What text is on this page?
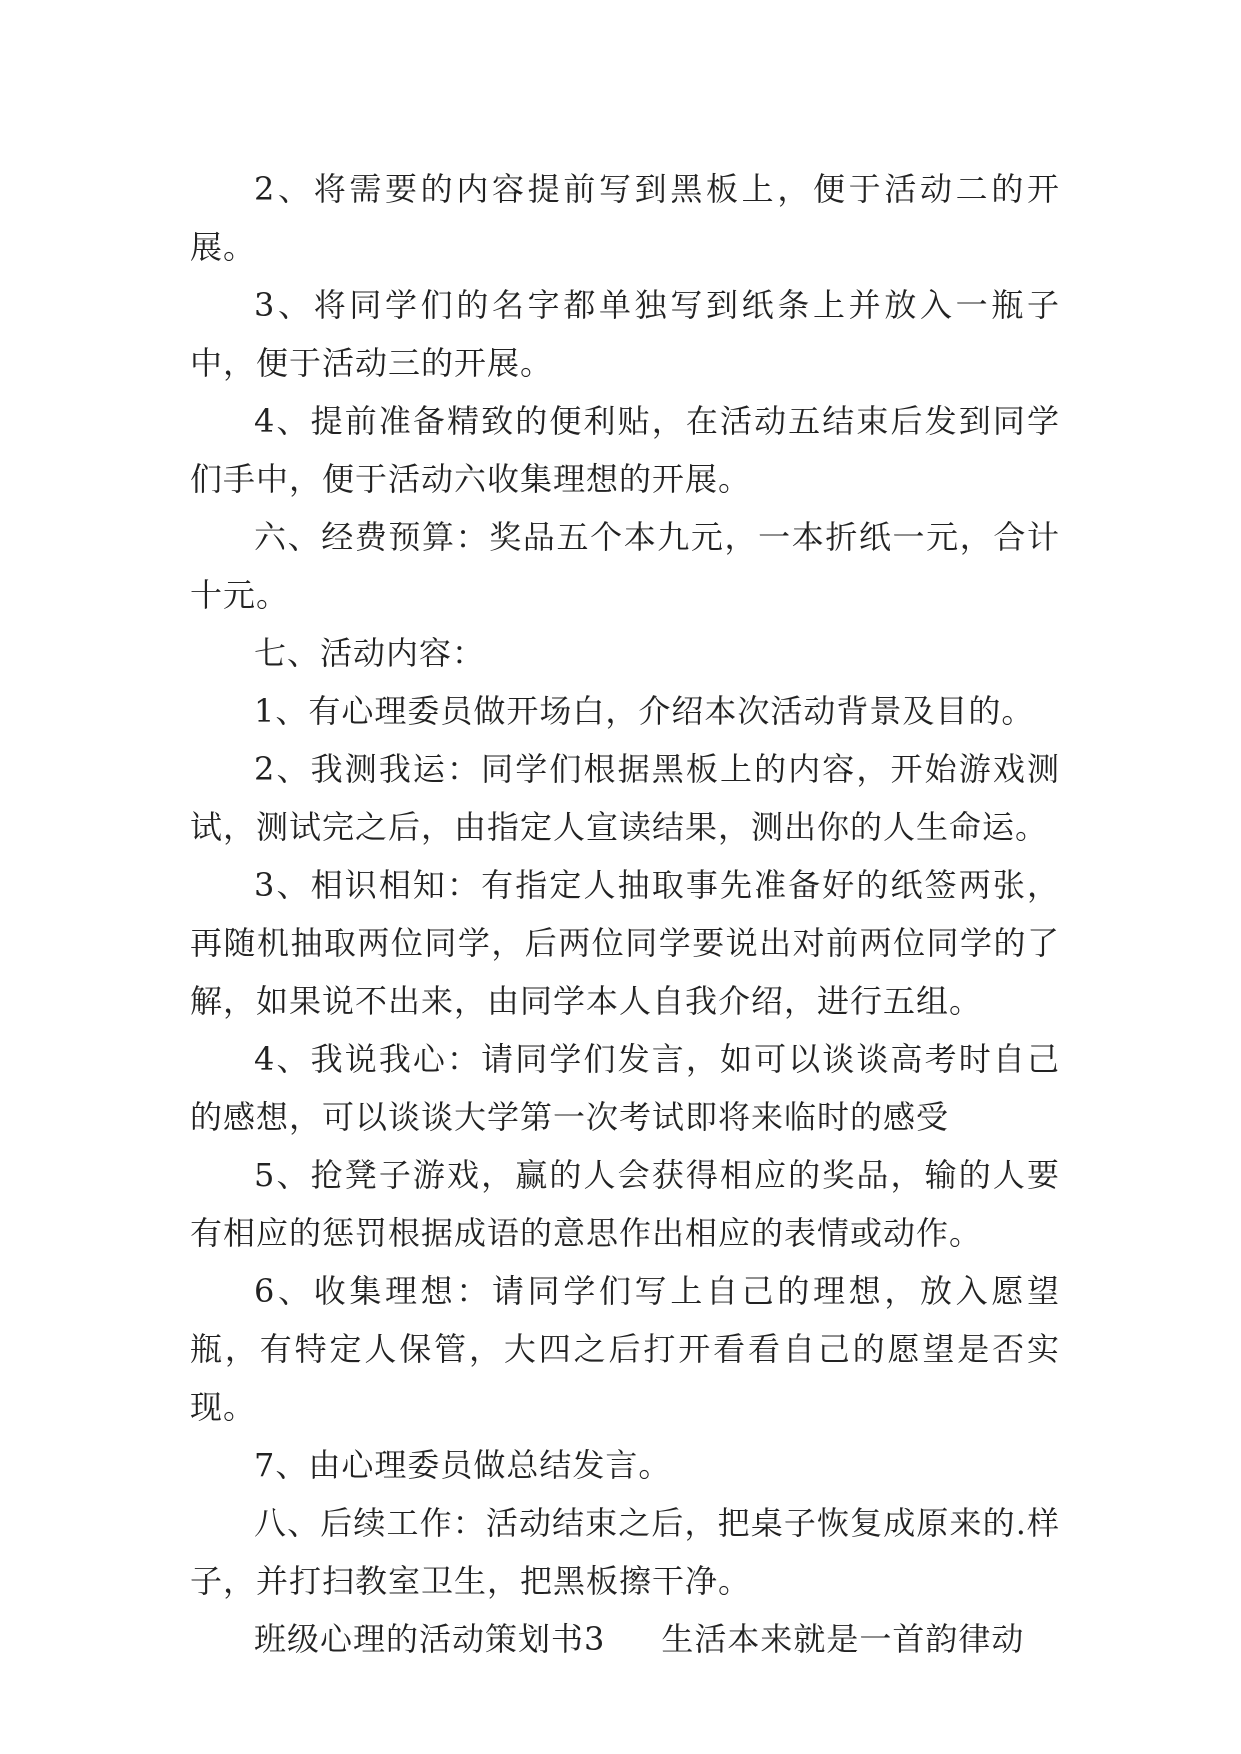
2、将需要的内容提前写到黑板上，便于活动二的开展。

3、将同学们的名字都单独写到纸条上并放入一瓶子中，便于活动三的开展。

4、提前准备精致的便利贴，在活动五结束后发到同学们手中，便于活动六收集理想的开展。

六、经费预算：奖品五个本九元，一本折纸一元，合计十元。

七、活动内容：

1、有心理委员做开场白，介绍本次活动背景及目的。

2、我测我运：同学们根据黑板上的内容，开始游戏测试，测试完之后，由指定人宣读结果，测出你的人生命运。

3、相识相知：有指定人抽取事先准备好的纸签两张，再随机抽取两位同学，后两位同学要说出对前两位同学的了解，如果说不出来，由同学本人自我介绍，进行五组。

4、我说我心：请同学们发言，如可以谈谈高考时自己的感想，可以谈谈大学第一次考试即将来临时的感受

5、抢凳子游戏，赢的人会获得相应的奖品，输的人要有相应的惩罚根据成语的意思作出相应的表情或动作。

6、收集理想：请同学们写上自己的理想，放入愿望瓶，有特定人保管，大四之后打开看看自己的愿望是否实现。

7、由心理委员做总结发言。

八、后续工作：活动结束之后，把桌子恢复成原来的.样子，并打扫教室卫生，把黑板擦干净。

班级心理的活动策划书3 生活本来就是一首韵律动
